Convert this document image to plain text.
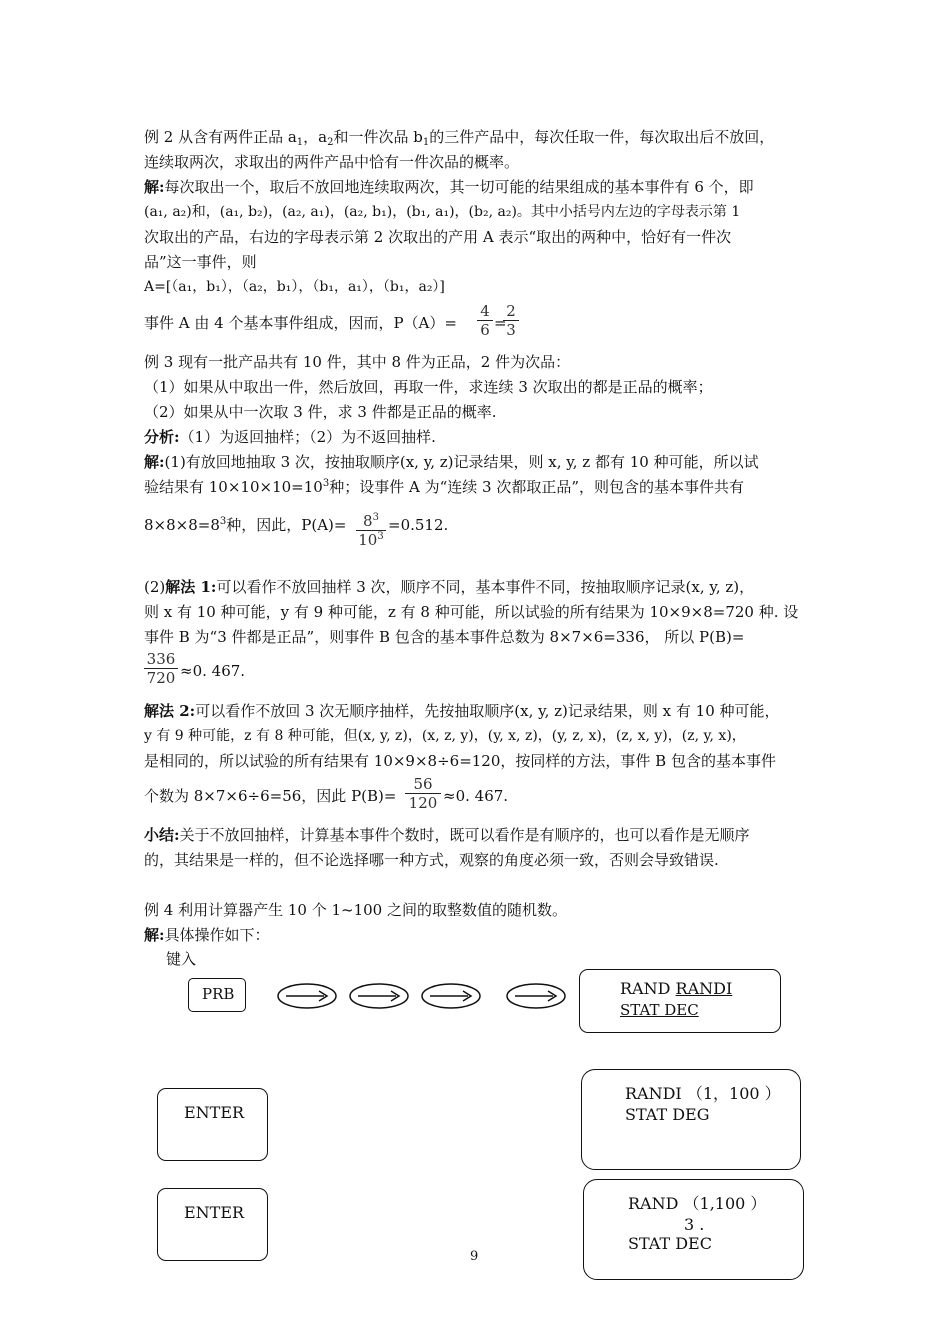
例 2 从含有两件正品 $a_1$，$a_2$和一件次品 $b_1$的三件产品中，每次任取一件，每次取出后不放回，
连续取两次，求取出的两件产品中恰有一件次品的概率。
解:每次取出一个，取后不放回地连续取两次，其一切可能的结果组成的基本事件有 6 个，即
(a₁, a₂)和，(a₁, b₂)，(a₂, a₁)，(a₂, b₁)，(b₁, a₁)，(b₂, a₂)。其中小括号内左边的字母表示第 1
次取出的产品，右边的字母表示第 2 次取出的产用 A 表示“取出的两种中，恰好有一件次
品”这一事件，则
A=[（a₁，b₁），（a₂，b₁），（b₁，a₁），（b₁，a₂）]
事件 A 由 4 个基本事件组成，因而，$P(A)= \frac{4}{6}$ =
$\frac{2}{3}$
例 3 现有一批产品共有 10 件，其中 8 件为正品，2 件为次品：
（1）如果从中取出一件，然后放回，再取一件，求连续 3 次取出的都是正品的概率；
（2）如果从中一次取 3 件，求 3 件都是正品的概率.
分析:（1）为返回抽样；（2）为不返回抽样.
解:(1)有放回地抽取 3 次，按抽取顺序(x, y, z)记录结果，则 x, y, z 都有 10 种可能，所以试
验结果有 $10\times 10\times 10=10^3$种；设事件 A 为“连续 3 次都取正品”，则包含的基本事件共有
$8\times 8\times 8=8^3$种，因此，$P(A)= \frac{8^3}{10^3} =0.512$.
(2)解法 1:可以看作不放回抽样 3 次，顺序不同，基本事件不同，按抽取顺序记录(x, y, z)，
则 x 有 10 种可能，y 有 9 种可能，z 有 8 种可能，所以试验的所有结果为 10×9×8=720 种. 设
事件 B 为“3 件都是正品”，则事件 B 包含的基本事件总数为 8×7×6=336， 所以 P(B)=
$\frac{336}{720} \approx 0$. 467.
解法 2:可以看作不放回 3 次无顺序抽样，先按抽取顺序(x, y, z)记录结果，则 x 有 10 种可能，
y 有 9 种可能，z 有 8 种可能，但(x, y, z)，(x, z, y)，(y, x, z)，(y, z, x)，(z, x, y)，(z, y, x)，
是相同的，所以试验的所有结果有 10×9×8÷6=120，按同样的方法，事件 B 包含的基本事件
个数为 8×7×6÷6=56，因此 $P(B)= \frac{56}{120} \approx 0$. 467.
小结:关于不放回抽样，计算基本事件个数时，既可以看作是有顺序的，也可以看作是无顺序
的，其结果是一样的，但不论选择哪一种方式，观察的角度必须一致，否则会导致错误.
例 4 利用计算器产生 10 个 1~100 之间的取整数值的随机数。
解:具体操作如下：
键入
PRB	RAND RANDI
STAT DEC
ENTER
RANDI （1，100 ）
STAT DEG
ENTER	RAND （1,100 ）
3 .
STAT DEC
9
